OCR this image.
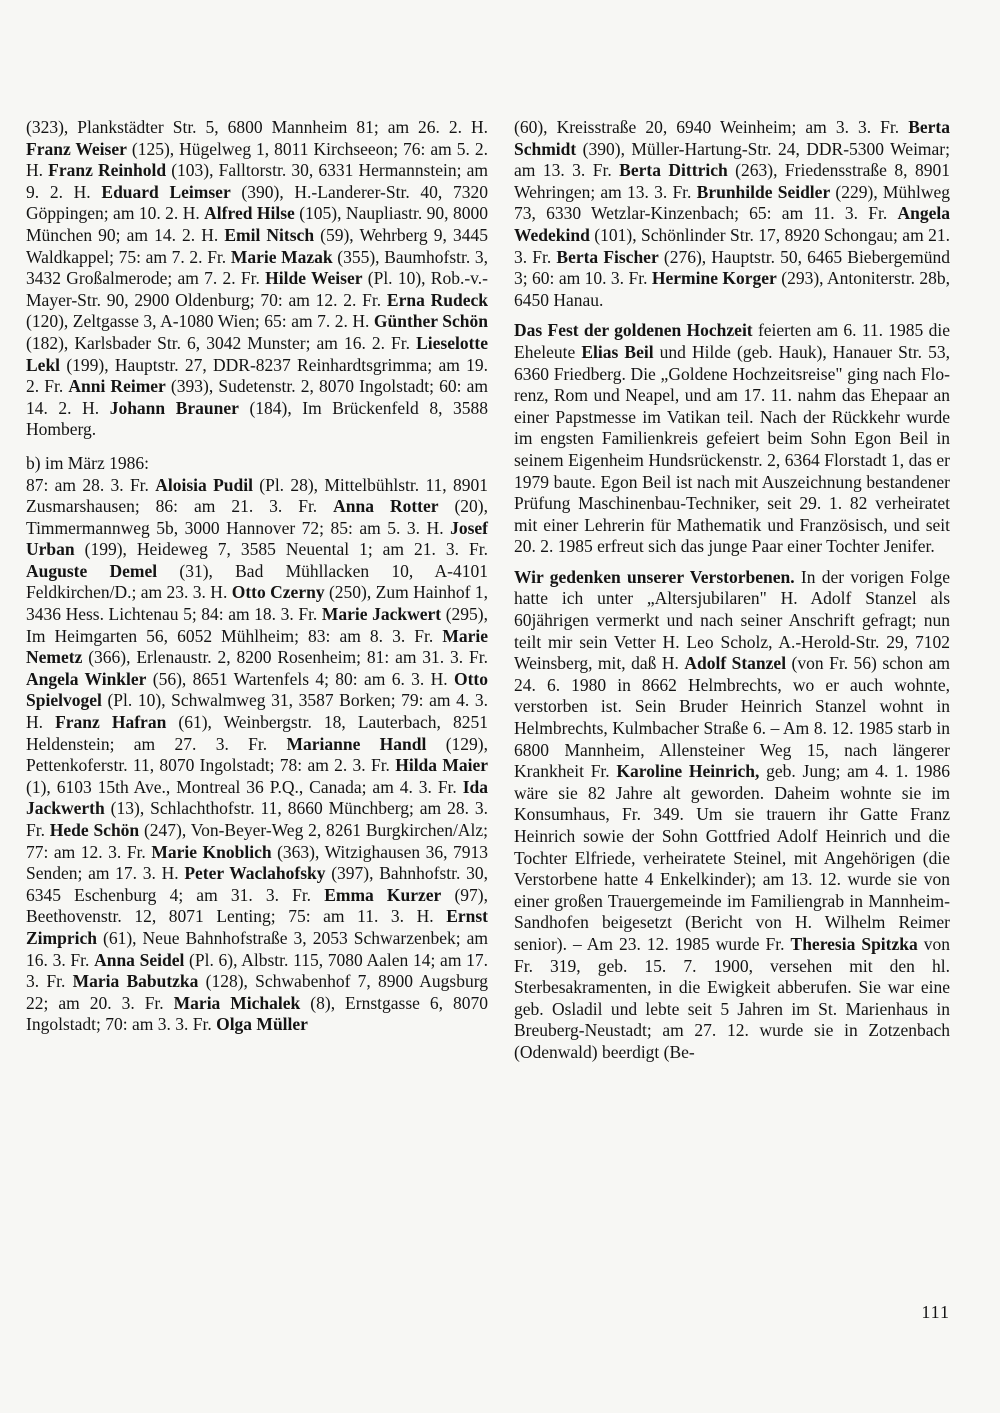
(323), Plankstädter Str. 5, 6800 Mannheim 81; am 26. 2. H. Franz Weiser (125), Hügelweg 1, 8011 Kirchseeon; 76: am 5. 2. H. Franz Reinhold (103), Falltorstr. 30, 6331 Hermannstein; am 9. 2. H. Eduard Leimser (390), H.-Landerer-Str. 40, 7320 Göppingen; am 10. 2. H. Alfred Hilse (105), Naupliastr. 90, 8000 München 90; am 14. 2. H. Emil Nitsch (59), Wehrberg 9, 3445 Waldkappel; 75: am 7. 2. Fr. Marie Mazak (355), Baumhofstr. 3, 3432 Großalmerode; am 7. 2. Fr. Hilde Weiser (Pl. 10), Rob.-v.-Mayer-Str. 90, 2900 Oldenburg; 70: am 12. 2. Fr. Erna Rudeck (120), Zeltgasse 3, A-1080 Wien; 65: am 7. 2. H. Günther Schön (182), Karlsbader Str. 6, 3042 Munster; am 16. 2. Fr. Lieselotte Lekl (199), Hauptstr. 27, DDR-8237 Reinhardtsgrimma; am 19. 2. Fr. Anni Reimer (393), Sudetenstr. 2, 8070 Ingolstadt; 60: am 14. 2. H. Johann Brauner (184), Im Brückenfeld 8, 3588 Homberg.

b) im März 1986:

87: am 28. 3. Fr. Aloisia Pudil (Pl. 28), Mittelbühlstr. 11, 8901 Zusmarshausen; 86: am 21. 3. Fr. Anna Rotter (20), Timmermannweg 5b, 3000 Hannover 72; 85: am 5. 3. H. Josef Urban (199), Heideweg 7, 3585 Neuental 1; am 21. 3. Fr. Auguste Demel (31), Bad Mühllacken 10, A-4101 Feldkirchen/D.; am 23. 3. H. Otto Czerny (250), Zum Hainhof 1, 3436 Hess. Lichtenau 5; 84: am 18. 3. Fr. Marie Jackwert (295), Im Heimgarten 56, 6052 Mühlheim; 83: am 8. 3. Fr. Marie Nemetz (366), Erlenaustr. 2, 8200 Rosenheim; 81: am 31. 3. Fr. Angela Winkler (56), 8651 Wartenfels 4; 80: am 6. 3. H. Otto Spielvogel (Pl. 10), Schwalmweg 31, 3587 Borken; 79: am 4. 3. H. Franz Hafran (61), Weinbergstr. 18, Lauterbach, 8251 Heldenstein; am 27. 3. Fr. Marianne Handl (129), Pettenkoferstr. 11, 8070 Ingolstadt; 78: am 2. 3. Fr. Hilda Maier (1), 6103 15th Ave., Montreal 36 P.Q., Canada; am 4. 3. Fr. Ida Jackwerth (13), Schlachthofstr. 11, 8660 Münchberg; am 28. 3. Fr. Hede Schön (247), Von-Beyer-Weg 2, 8261 Burgkirchen/Alz; 77: am 12. 3. Fr. Marie Knoblich (363), Witzighausen 36, 7913 Senden; am 17. 3. H. Peter Waclahofsky (397), Bahnhofstr. 30, 6345 Eschenburg 4; am 31. 3. Fr. Emma Kurzer (97), Beethovenstr. 12, 8071 Lenting; 75: am 11. 3. H. Ernst Zimprich (61), Neue Bahnhofstraße 3, 2053 Schwarzenbek; am 16. 3. Fr. Anna Seidel (Pl. 6), Albstr. 115, 7080 Aalen 14; am 17. 3. Fr. Maria Babutzka (128), Schwabenhof 7, 8900 Augsburg 22; am 20. 3. Fr. Maria Michalek (8), Ernstgasse 6, 8070 Ingolstadt; 70: am 3. 3. Fr. Olga Müller

(60), Kreisstraße 20, 6940 Weinheim; am 3. 3. Fr. Berta Schmidt (390), Müller-Hartung-Str. 24, DDR-5300 Weimar; am 13. 3. Fr. Berta Dittrich (263), Friedensstraße 8, 8901 Wehringen; am 13. 3. Fr. Brunhilde Seidler (229), Mühlweg 73, 6330 Wetzlar-Kinzenbach; 65: am 11. 3. Fr. Angela Wedekind (101), Schönlinder Str. 17, 8920 Schongau; am 21. 3. Fr. Berta Fischer (276), Hauptstr. 50, 6465 Biebergemünd 3; 60: am 10. 3. Fr. Hermine Korger (293), Antoniterstr. 28b, 6450 Hanau.

Das Fest der goldenen Hochzeit feierten am 6. 11. 1985 die Eheleute Elias Beil und Hilde (geb. Hauk), Hanauer Str. 53, 6360 Friedberg. Die „Goldene Hochzeitsreise" ging nach Florenz, Rom und Neapel, und am 17. 11. nahm das Ehepaar an einer Papstmesse im Vatikan teil. Nach der Rückkehr wurde im engsten Familienkreis gefeiert beim Sohn Egon Beil in seinem Eigenheim Hundsrückenstr. 2, 6364 Florstadt 1, das er 1979 baute. Egon Beil ist nach mit Auszeichnung bestandener Prüfung Maschinenbau-Techniker, seit 29. 1. 82 verheiratet mit einer Lehrerin für Mathematik und Französisch, und seit 20. 2. 1985 erfreut sich das junge Paar einer Tochter Jenifer.

Wir gedenken unserer Verstorbenen. In der vorigen Folge hatte ich unter „Altersjubilaren" H. Adolf Stanzel als 60jährigen vermerkt und nach seiner Anschrift gefragt; nun teilt mir sein Vetter H. Leo Scholz, A.-Herold-Str. 29, 7102 Weinsberg, mit, daß H. Adolf Stanzel (von Fr. 56) schon am 24. 6. 1980 in 8662 Helmbrechts, wo er auch wohnte, verstorben ist. Sein Bruder Heinrich Stanzel wohnt in Helmbrechts, Kulmbacher Straße 6. – Am 8. 12. 1985 starb in 6800 Mannheim, Allensteiner Weg 15, nach längerer Krankheit Fr. Karoline Heinrich, geb. Jung; am 4. 1. 1986 wäre sie 82 Jahre alt geworden. Daheim wohnte sie im Konsumhaus, Fr. 349. Um sie trauern ihr Gatte Franz Heinrich sowie der Sohn Gottfried Adolf Heinrich und die Tochter Elfriede, verheiratete Steinel, mit Angehörigen (die Verstorbene hatte 4 Enkelkinder); am 13. 12. wurde sie von einer großen Trauergemeinde im Familiengrab in Mannheim-Sandhofen beigesetzt (Bericht von H. Wilhelm Reimer senior). – Am 23. 12. 1985 wurde Fr. Theresia Spitzka von Fr. 319, geb. 15. 7. 1900, versehen mit den hl. Sterbesakramenten, in die Ewigkeit abberufen. Sie war eine geb. Osladil und lebte seit 5 Jahren im St. Marienhaus in Breuberg-Neustadt; am 27. 12. wurde sie in Zotzenbach (Odenwald) beerdigt (Be-

111
